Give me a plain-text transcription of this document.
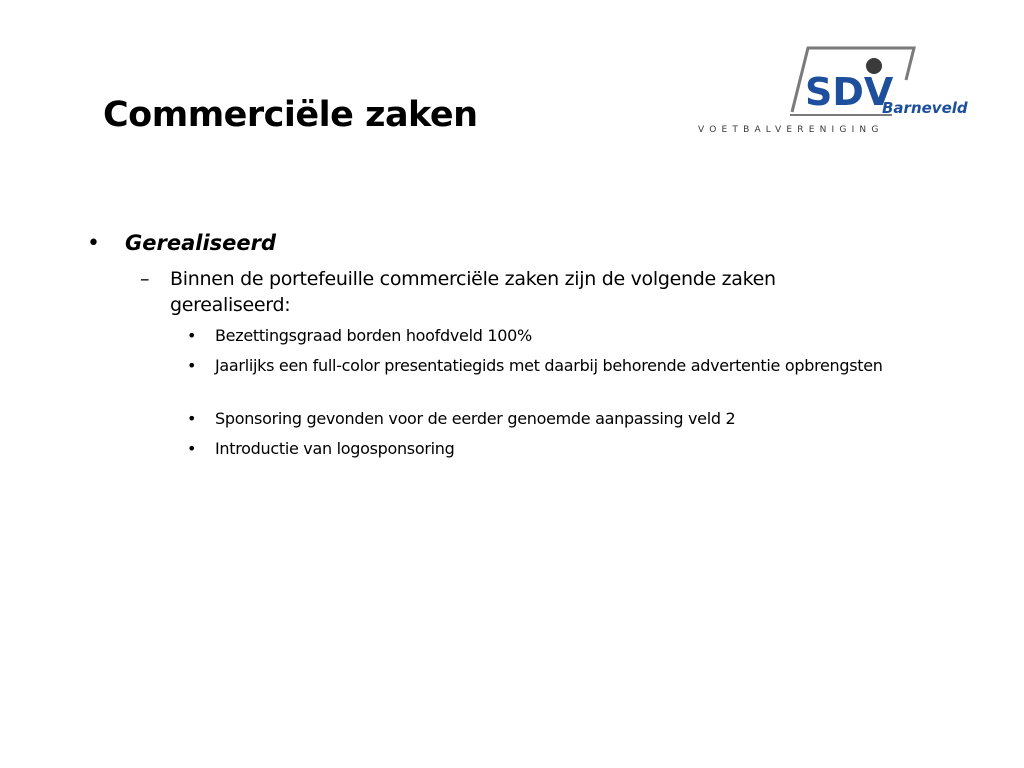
Commerciële zaken
SDV
Barneveld
VOETBALVERENIGING
•	Gerealiseerd
–	Binnen de portefeuille commerciële zaken zijn de volgende zaken gerealiseerd:
•	Bezettingsgraad borden hoofdveld 100%
•	Jaarlijks een full-color presentatiegids met daarbij behorende advertentie opbrengsten
•	Sponsoring gevonden voor de eerder genoemde aanpassing veld 2
•	Introductie van logosponsoring
